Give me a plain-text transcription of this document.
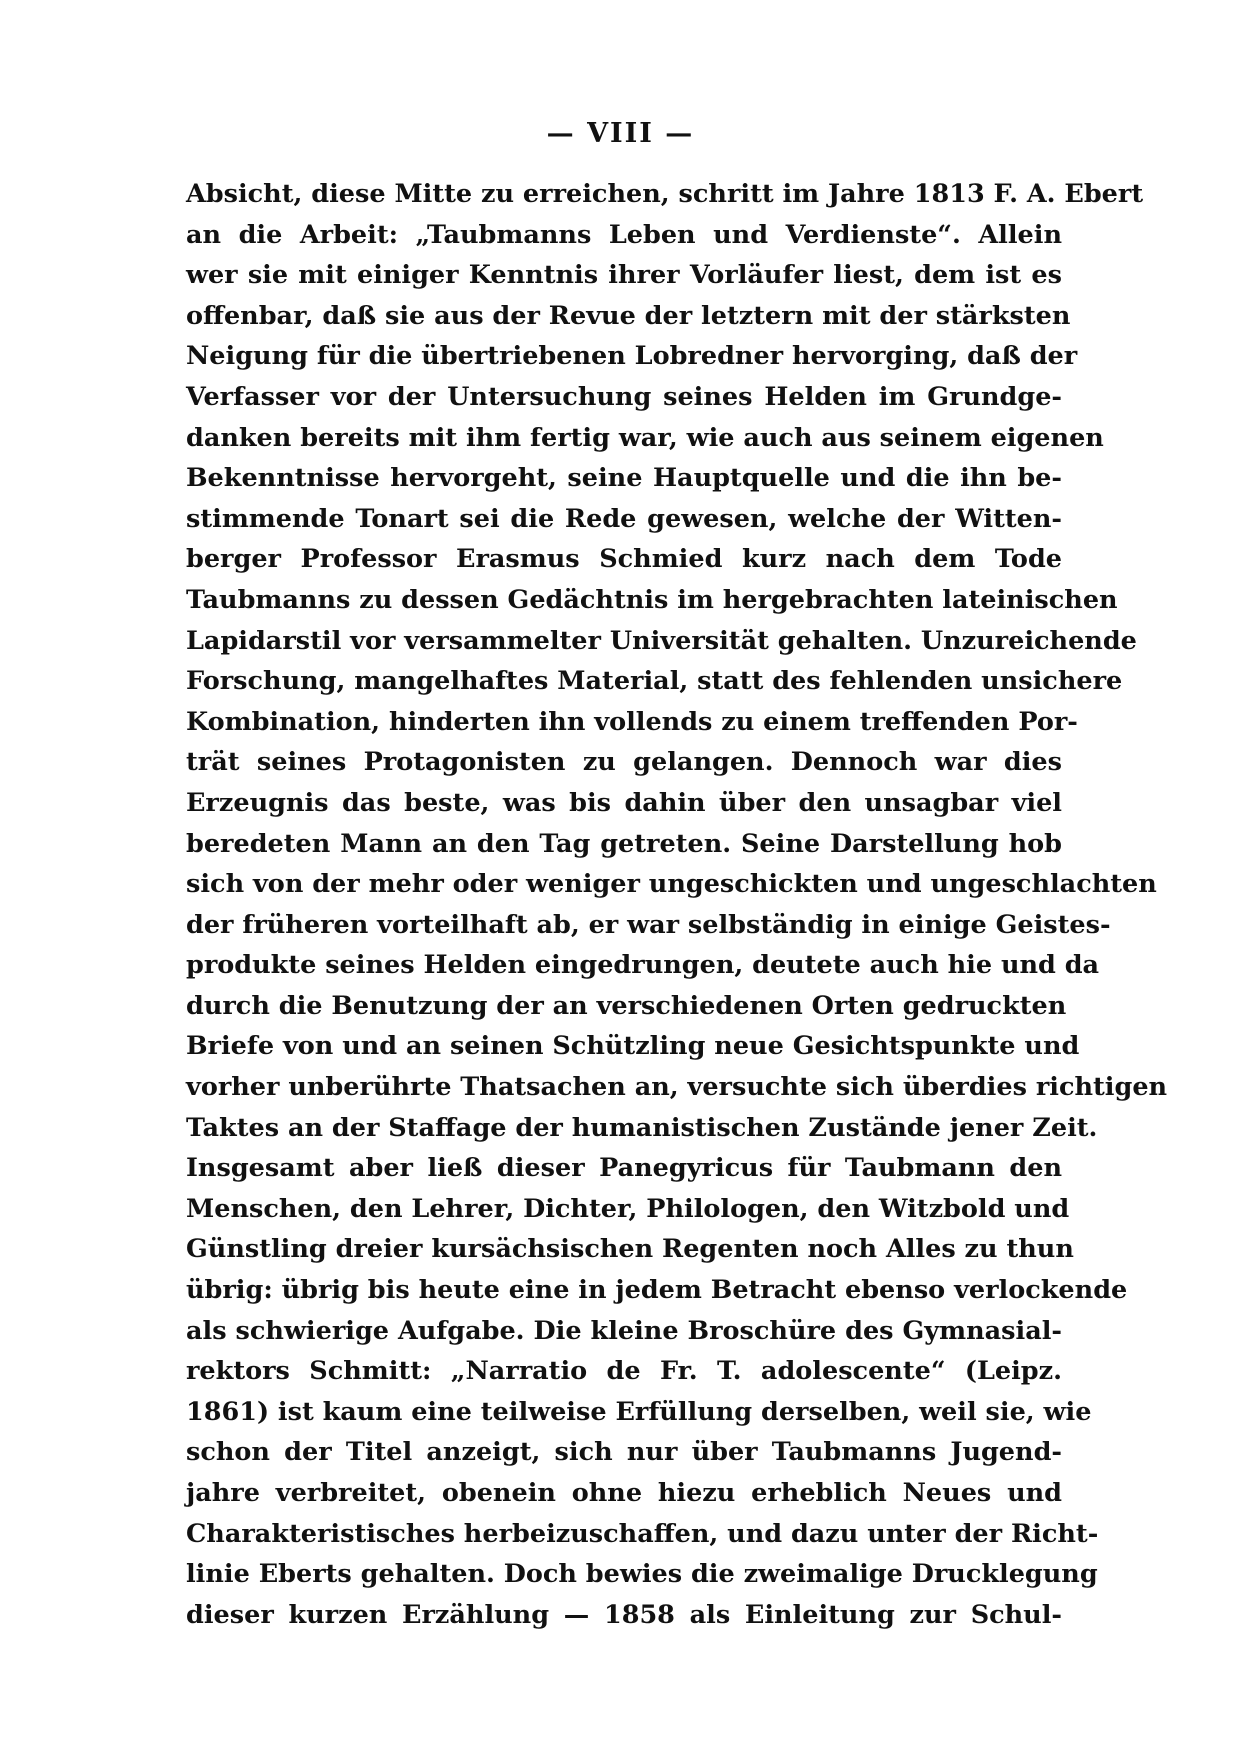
— VIII —
Absicht, diese Mitte zu erreichen, schritt im Jahre 1813 F. A. Ebert
an die Arbeit: „Taubmanns Leben und Verdienste“. Allein
wer sie mit einiger Kenntnis ihrer Vorläufer liest, dem ist es
offenbar, daß sie aus der Revue der letztern mit der stärksten
Neigung für die übertriebenen Lobredner hervorging, daß der
Verfasser vor der Untersuchung seines Helden im Grundge-
danken bereits mit ihm fertig war, wie auch aus seinem eigenen
Bekenntnisse hervorgeht, seine Hauptquelle und die ihn be-
stimmende Tonart sei die Rede gewesen, welche der Witten-
berger Professor Erasmus Schmied kurz nach dem Tode
Taubmanns zu dessen Gedächtnis im hergebrachten lateinischen
Lapidarstil vor versammelter Universität gehalten. Unzureichende
Forschung, mangelhaftes Material, statt des fehlenden unsichere
Kombination, hinderten ihn vollends zu einem treffenden Por-
trät seines Protagonisten zu gelangen. Dennoch war dies
Erzeugnis das beste, was bis dahin über den unsagbar viel
beredeten Mann an den Tag getreten. Seine Darstellung hob
sich von der mehr oder weniger ungeschickten und ungeschlachten
der früheren vorteilhaft ab, er war selbständig in einige Geistes-
produkte seines Helden eingedrungen, deutete auch hie und da
durch die Benutzung der an verschiedenen Orten gedruckten
Briefe von und an seinen Schützling neue Gesichtspunkte und
vorher unberührte Thatsachen an, versuchte sich überdies richtigen
Taktes an der Staffage der humanistischen Zustände jener Zeit.
Insgesamt aber ließ dieser Panegyricus für Taubmann den
Menschen, den Lehrer, Dichter, Philologen, den Witzbold und
Günstling dreier kursächsischen Regenten noch Alles zu thun
übrig: übrig bis heute eine in jedem Betracht ebenso verlockende
als schwierige Aufgabe. Die kleine Broschüre des Gymnasial-
rektors Schmitt: „Narratio de Fr. T. adolescente“ (Leipz.
1861) ist kaum eine teilweise Erfüllung derselben, weil sie, wie
schon der Titel anzeigt, sich nur über Taubmanns Jugend-
jahre verbreitet, obenein ohne hiezu erheblich Neues und
Charakteristisches herbeizuschaffen, und dazu unter der Richt-
linie Eberts gehalten. Doch bewies die zweimalige Drucklegung
dieser kurzen Erzählung — 1858 als Einleitung zur Schul-
